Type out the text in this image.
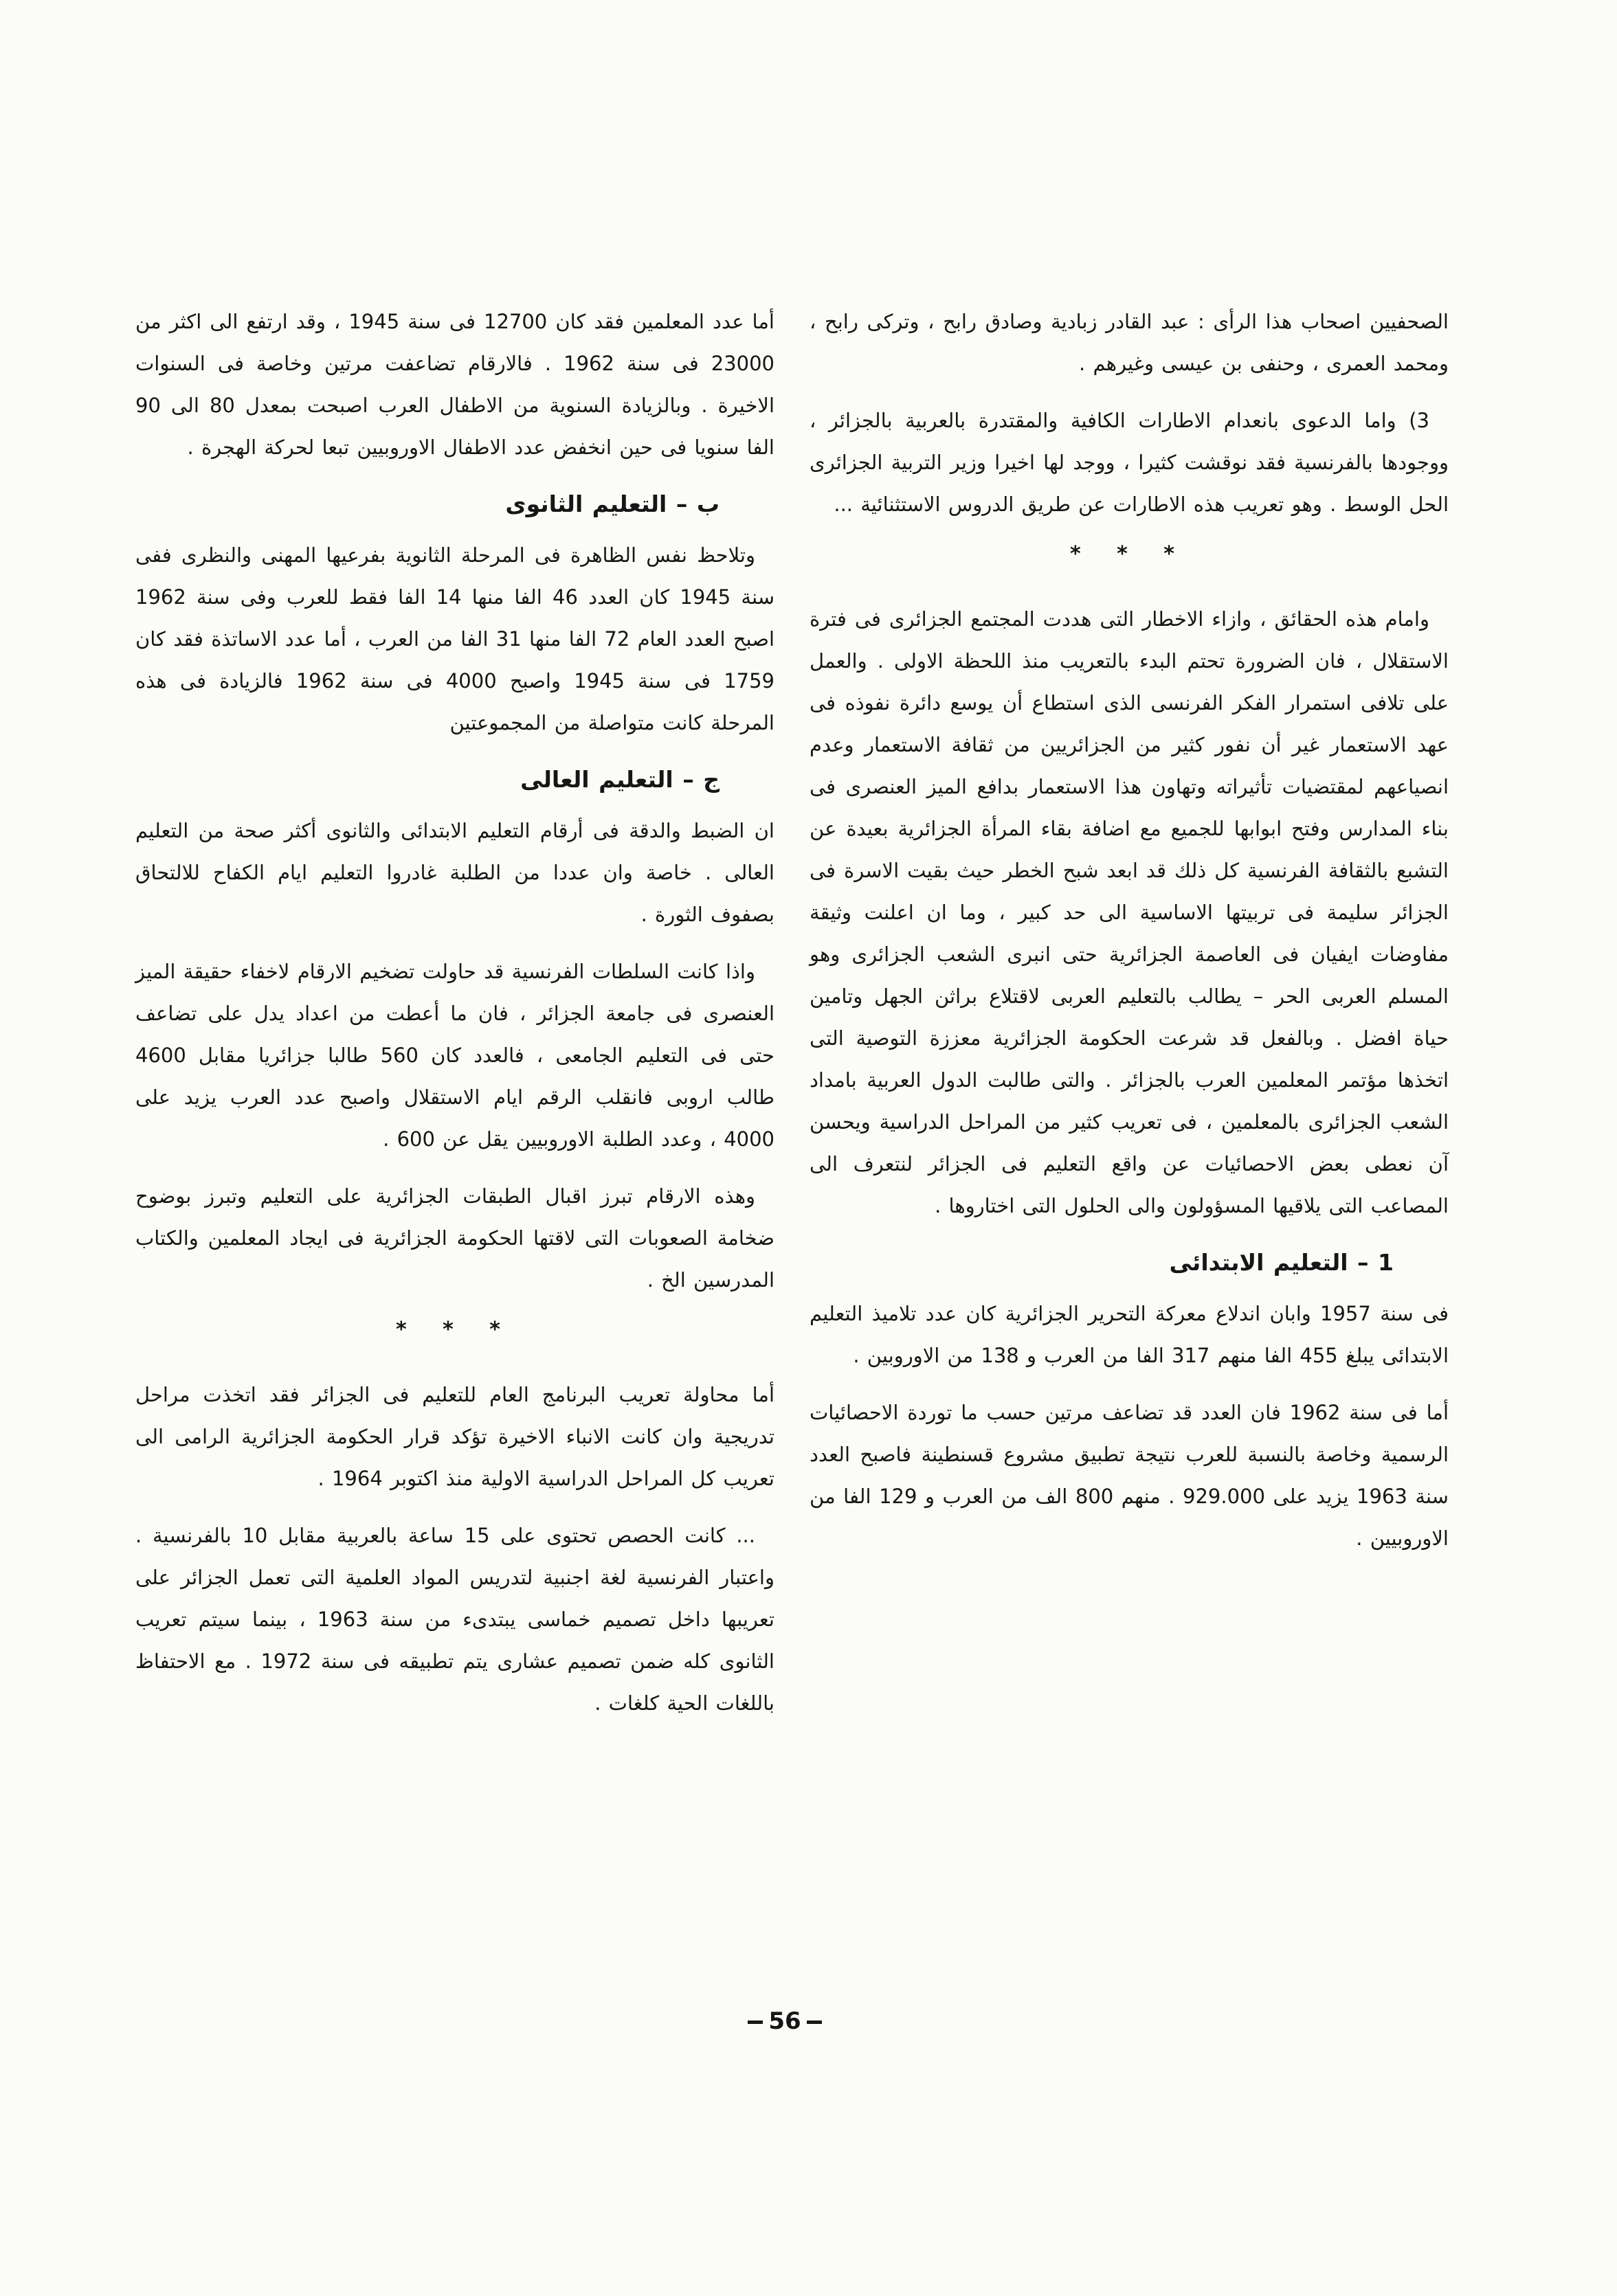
الصحفيين اصحاب هذا الرأى : عبد القادر زبادية وصادق رابح ، وتركى رابح ، ومحمد العمرى ، وحنفى بن عيسى وغيرهم .

3) واما الدعوى بانعدام الاطارات الكافية والمقتدرة بالعربية بالجزائر ، ووجودها بالفرنسية فقد نوقشت كثيرا ، ووجد لها اخيرا وزير التربية الجزائرى الحل الوسط . وهو تعريب هذه الاطارات عن طريق الدروس الاستثنائية ...

* * *

وامام هذه الحقائق ، وازاء الاخطار التى هددت المجتمع الجزائرى فى فترة الاستقلال ، فان الضرورة تحتم البدء بالتعريب منذ اللحظة الاولى . والعمل على تلافى استمرار الفكر الفرنسى الذى استطاع أن يوسع دائرة نفوذه فى عهد الاستعمار غير أن نفور كثير من الجزائريين من ثقافة الاستعمار وعدم انصياعهم لمقتضيات تأثيراته وتهاون هذا الاستعمار بدافع الميز العنصرى فى بناء المدارس وفتح ابوابها للجميع مع اضافة بقاء المرأة الجزائرية بعيدة عن التشبع بالثقافة الفرنسية كل ذلك قد ابعد شبح الخطر حيث بقيت الاسرة فى الجزائر سليمة فى تربيتها الاساسية الى حد كبير ، وما ان اعلنت وثيقة مفاوضات ايفيان فى العاصمة الجزائرية حتى انبرى الشعب الجزائرى وهو المسلم العربى الحر – يطالب بالتعليم العربى لاقتلاع براثن الجهل وتامين حياة افضل . وبالفعل قد شرعت الحكومة الجزائرية معززة التوصية التى اتخذها مؤتمر المعلمين العرب بالجزائر . والتى طالبت الدول العربية بامداد الشعب الجزائرى بالمعلمين ، فى تعريب كثير من المراحل الدراسية ويحسن آن نعطى بعض الاحصائيات عن واقع التعليم فى الجزائر لنتعرف الى المصاعب التى يلاقيها المسؤولون والى الحلول التى اختاروها .

1 – التعليم الابتدائى

فى سنة 1957 وابان اندلاع معركة التحرير الجزائرية كان عدد تلاميذ التعليم الابتدائى يبلغ 455 الفا منهم 317 الفا من العرب و 138 من الاوروبين .

أما فى سنة 1962 فان العدد قد تضاعف مرتين حسب ما توردة الاحصائيات الرسمية وخاصة بالنسبة للعرب نتيجة تطبيق مشروع قسنطينة فاصبح العدد سنة 1963 يزيد على 929.000 . منهم 800 الف من العرب و 129 الفا من الاوروبيين .

أما عدد المعلمين فقد كان 12700 فى سنة 1945 ، وقد ارتفع الى اكثر من 23000 فى سنة 1962 . فالارقام تضاعفت مرتين وخاصة فى السنوات الاخيرة . وبالزيادة السنوية من الاطفال العرب اصبحت بمعدل 80 الى 90 الفا سنويا فى حين انخفض عدد الاطفال الاوروبيين تبعا لحركة الهجرة .

ب – التعليم الثانوى

وتلاحظ نفس الظاهرة فى المرحلة الثانوية بفرعيها المهنى والنظرى ففى سنة 1945 كان العدد 46 الفا منها 14 الفا فقط للعرب وفى سنة 1962 اصبح العدد العام 72 الفا منها 31 الفا من العرب ، أما عدد الاساتذة فقد كان 1759 فى سنة 1945 واصبح 4000 فى سنة 1962 فالزيادة فى هذه المرحلة كانت متواصلة من المجموعتين

ج – التعليم العالى

ان الضبط والدقة فى أرقام التعليم الابتدائى والثانوى أكثر صحة من التعليم العالى . خاصة وان عددا من الطلبة غادروا التعليم ايام الكفاح للالتحاق بصفوف الثورة .

واذا كانت السلطات الفرنسية قد حاولت تضخيم الارقام لاخفاء حقيقة الميز العنصرى فى جامعة الجزائر ، فان ما أعطت من اعداد يدل على تضاعف حتى فى التعليم الجامعى ، فالعدد كان 560 طالبا جزائريا مقابل 4600 طالب اروبى فانقلب الرقم ايام الاستقلال واصبح عدد العرب يزيد على 4000 ، وعدد الطلبة الاوروبيين يقل عن 600 .

وهذه الارقام تبرز اقبال الطبقات الجزائرية على التعليم وتبرز بوضوح ضخامة الصعوبات التى لاقتها الحكومة الجزائرية فى ايجاد المعلمين والكتاب المدرسين الخ .

* * *

أما محاولة تعريب البرنامج العام للتعليم فى الجزائر فقد اتخذت مراحل تدريجية وان كانت الانباء الاخيرة تؤكد قرار الحكومة الجزائرية الرامى الى تعريب كل المراحل الدراسية الاولية منذ اكتوبر 1964 .

... كانت الحصص تحتوى على 15 ساعة بالعربية مقابل 10 بالفرنسية . واعتبار الفرنسية لغة اجنبية لتدريس المواد العلمية التى تعمل الجزائر على تعريبها داخل تصميم خماسى يبتدىء من سنة 1963 ، بينما سيتم تعريب الثانوى كله ضمن تصميم عشارى يتم تطبيقه فى سنة 1972 . مع الاحتفاظ باللغات الحية كلغات .

56
